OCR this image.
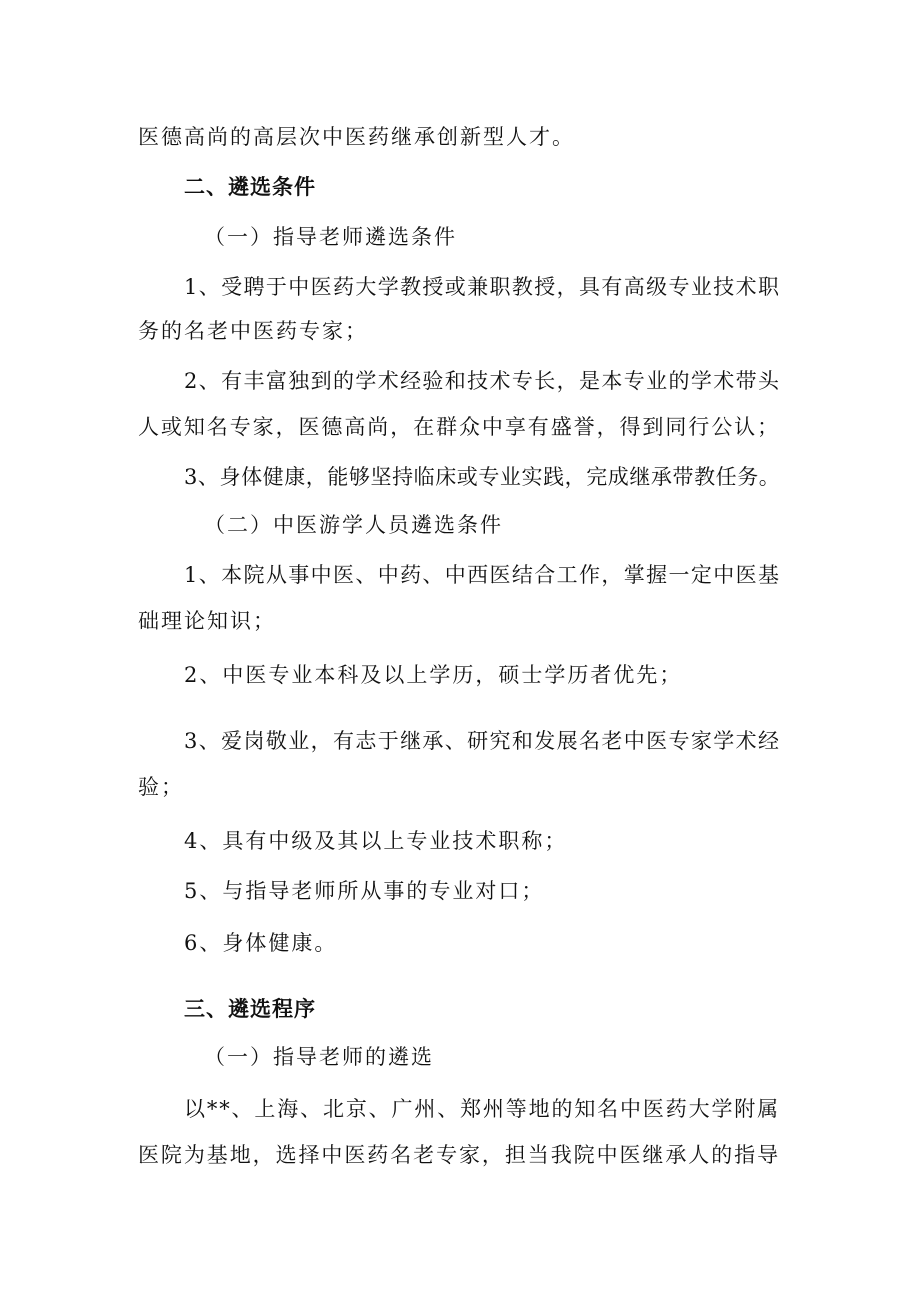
医德高尚的高层次中医药继承创新型人才。
二、遴选条件
（一）指导老师遴选条件
1、受聘于中医药大学教授或兼职教授，具有高级专业技术职
务的名老中医药专家；
2、有丰富独到的学术经验和技术专长，是本专业的学术带头
人或知名专家，医德高尚，在群众中享有盛誉，得到同行公认；
3、身体健康，能够坚持临床或专业实践，完成继承带教任务。
（二）中医游学人员遴选条件
1、本院从事中医、中药、中西医结合工作，掌握一定中医基
础理论知识；
2、中医专业本科及以上学历，硕士学历者优先；
3、爱岗敬业，有志于继承、研究和发展名老中医专家学术经
验；
4、具有中级及其以上专业技术职称；
5、与指导老师所从事的专业对口；
6、身体健康。
三、遴选程序
（一）指导老师的遴选
以**、上海、北京、广州、郑州等地的知名中医药大学附属
医院为基地，选择中医药名老专家，担当我院中医继承人的指导
